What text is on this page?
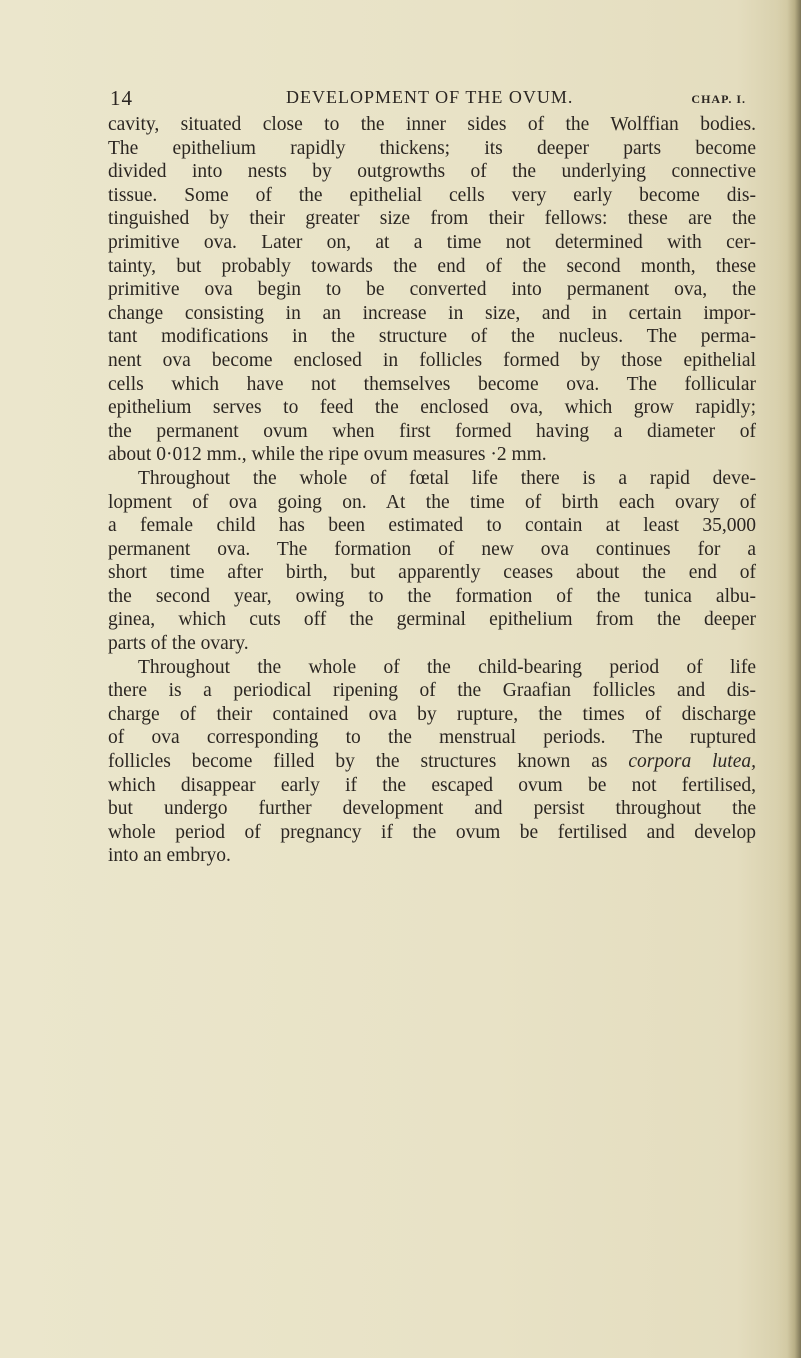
14	DEVELOPMENT OF THE OVUM.	CHAP. I.
cavity, situated close to the inner sides of the Wolffian bodies.
The epithelium rapidly thickens; its deeper parts become
divided into nests by outgrowths of the underlying connective
tissue. Some of the epithelial cells very early become dis-
tinguished by their greater size from their fellows: these are the
primitive ova. Later on, at a time not determined with cer-
tainty, but probably towards the end of the second month, these
primitive ova begin to be converted into permanent ova, the
change consisting in an increase in size, and in certain impor-
tant modifications in the structure of the nucleus. The perma-
nent ova become enclosed in follicles formed by those epithelial
cells which have not themselves become ova. The follicular
epithelium serves to feed the enclosed ova, which grow rapidly;
the permanent ovum when first formed having a diameter of
about 0·012 mm., while the ripe ovum measures ·2 mm.
Throughout the whole of fœtal life there is a rapid deve-
lopment of ova going on. At the time of birth each ovary of
a female child has been estimated to contain at least 35,000
permanent ova. The formation of new ova continues for a
short time after birth, but apparently ceases about the end of
the second year, owing to the formation of the tunica albu-
ginea, which cuts off the germinal epithelium from the deeper
parts of the ovary.
Throughout the whole of the child-bearing period of life
there is a periodical ripening of the Graafian follicles and dis-
charge of their contained ova by rupture, the times of discharge
of ova corresponding to the menstrual periods. The ruptured
follicles become filled by the structures known as corpora lutea,
which disappear early if the escaped ovum be not fertilised,
but undergo further development and persist throughout the
whole period of pregnancy if the ovum be fertilised and develop
into an embryo.
